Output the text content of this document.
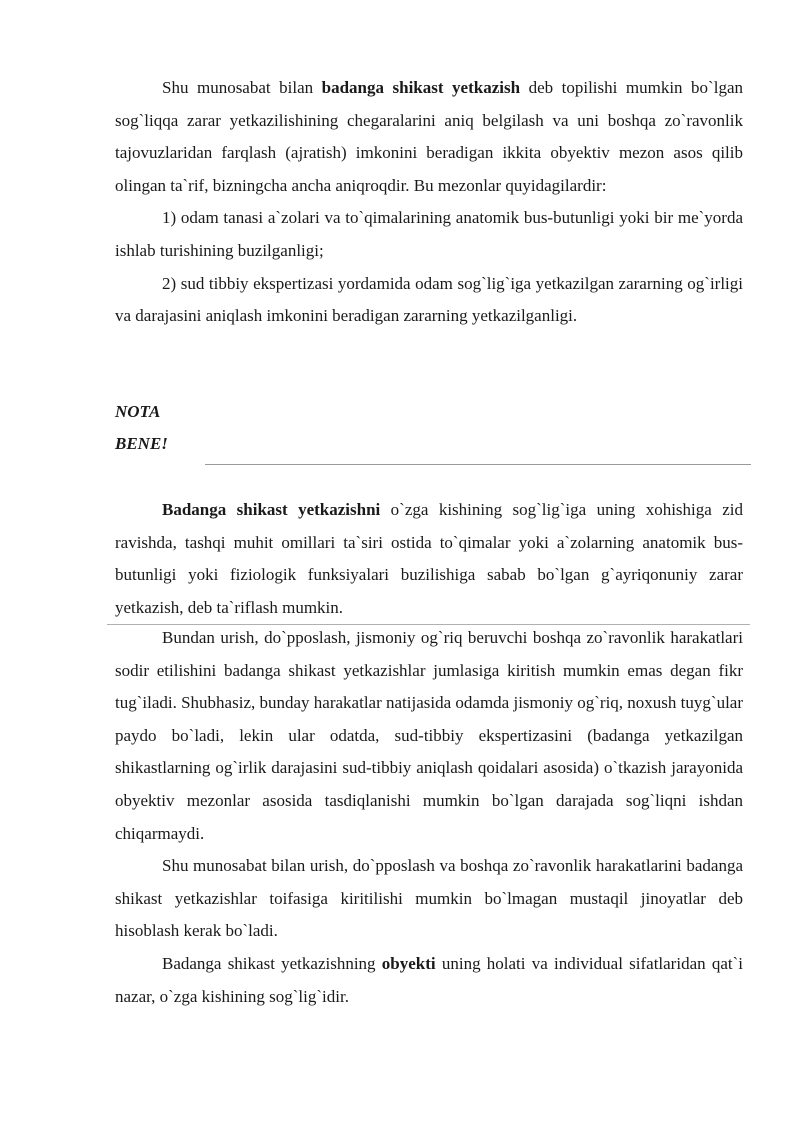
Shu munosabat bilan badanga shikast yetkazish deb topilishi mumkin bo`lgan sog`liqqa zarar yetkazilishining chegaralarini aniq belgilash va uni boshqa zo`ravonlik tajovuzlaridan farqlash (ajratish) imkonini beradigan ikkita obyektiv mezon asos qilib olingan ta`rif, bizningcha ancha aniqroqdir. Bu mezonlar quyidagilardir:

1) odam tanasi a`zolari va to`qimalarining anatomik bus-butunligi yoki bir me`yorda ishlab turishining buzilganligi;

2) sud tibbiy ekspertizasi yordamida odam sog`lig`iga yetkazilgan zararning og`irligi va darajasini aniqlash imkonini beradigan zararning yetkazilganligi.

NOTA
BENE!

Badanga shikast yetkazishni o`zga kishining sog`lig`iga uning xohishiga zid ravishda, tashqi muhit omillari ta`siri ostida to`qimalar yoki a`zolarning anatomik bus-butunligi yoki fiziologik funksiyalari buzilishiga sabab bo`lgan g`ayriqonuniy zarar yetkazish, deb ta`riflash mumkin.

Bundan urish, do`pposlash, jismoniy og`riq beruvchi boshqa zo`ravonlik harakatlari sodir etilishini badanga shikast yetkazishlar jumlasiga kiritish mumkin emas degan fikr tug`iladi. Shubhasiz, bunday harakatlar natijasida odamda jismoniy og`riq, noxush tuyg`ular paydo bo`ladi, lekin ular odatda, sud-tibbiy ekspertizasini (badanga yetkazilgan shikastlarning og`irlik darajasini sud-tibbiy aniqlash qoidalari asosida) o`tkazish jarayonida obyektiv mezonlar asosida tasdiqlanishi mumkin bo`lgan darajada sog`liqni ishdan chiqarmaydi.

Shu munosabat bilan urish, do`pposlash va boshqa zo`ravonlik harakatlarini badanga shikast yetkazishlar toifasiga kiritilishi mumkin bo`lmagan mustaqil jinoyatlar deb hisoblash kerak bo`ladi.

Badanga shikast yetkazishning obyekti uning holati va individual sifatlaridan qat`i nazar, o`zga kishining sog`lig`idir.
